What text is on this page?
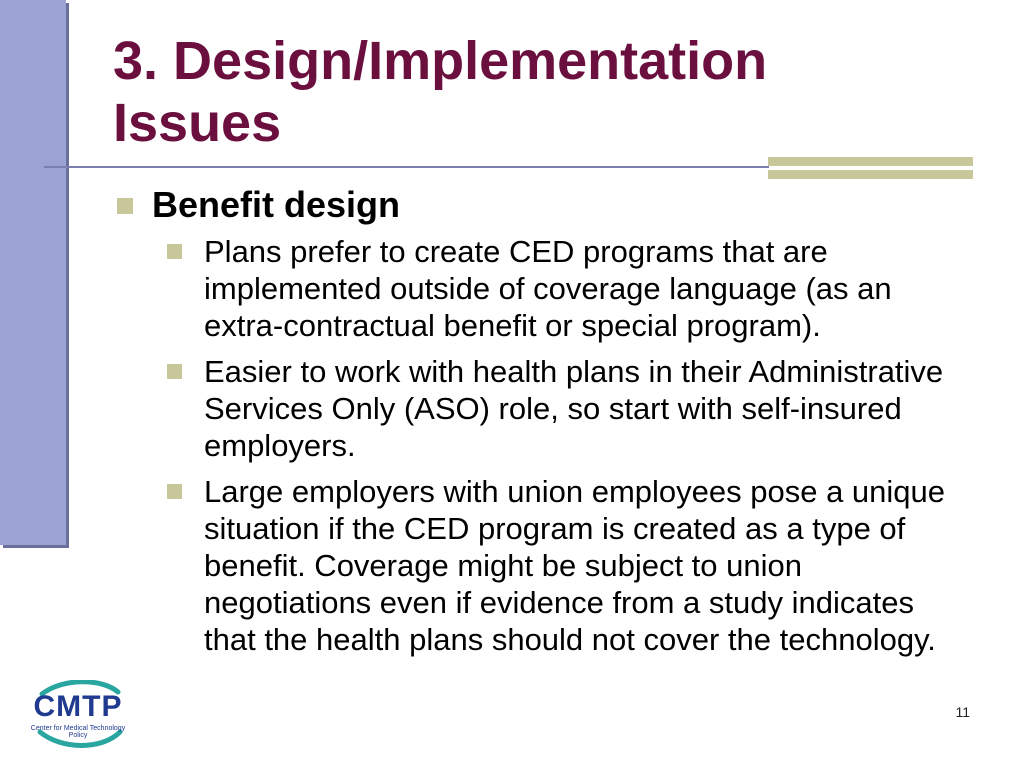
3. Design/Implementation Issues
Benefit design
Plans prefer to create CED programs that are implemented outside of coverage language (as an extra-contractual benefit or special program).
Easier to work with health plans in their Administrative Services Only (ASO) role, so start with self-insured employers.
Large employers with union employees pose a unique situation if the CED program is created as a type of benefit. Coverage might be subject to union negotiations even if evidence from a study indicates that the health plans should not cover the technology.
CMTP
Center for Medical Technology Policy
11
